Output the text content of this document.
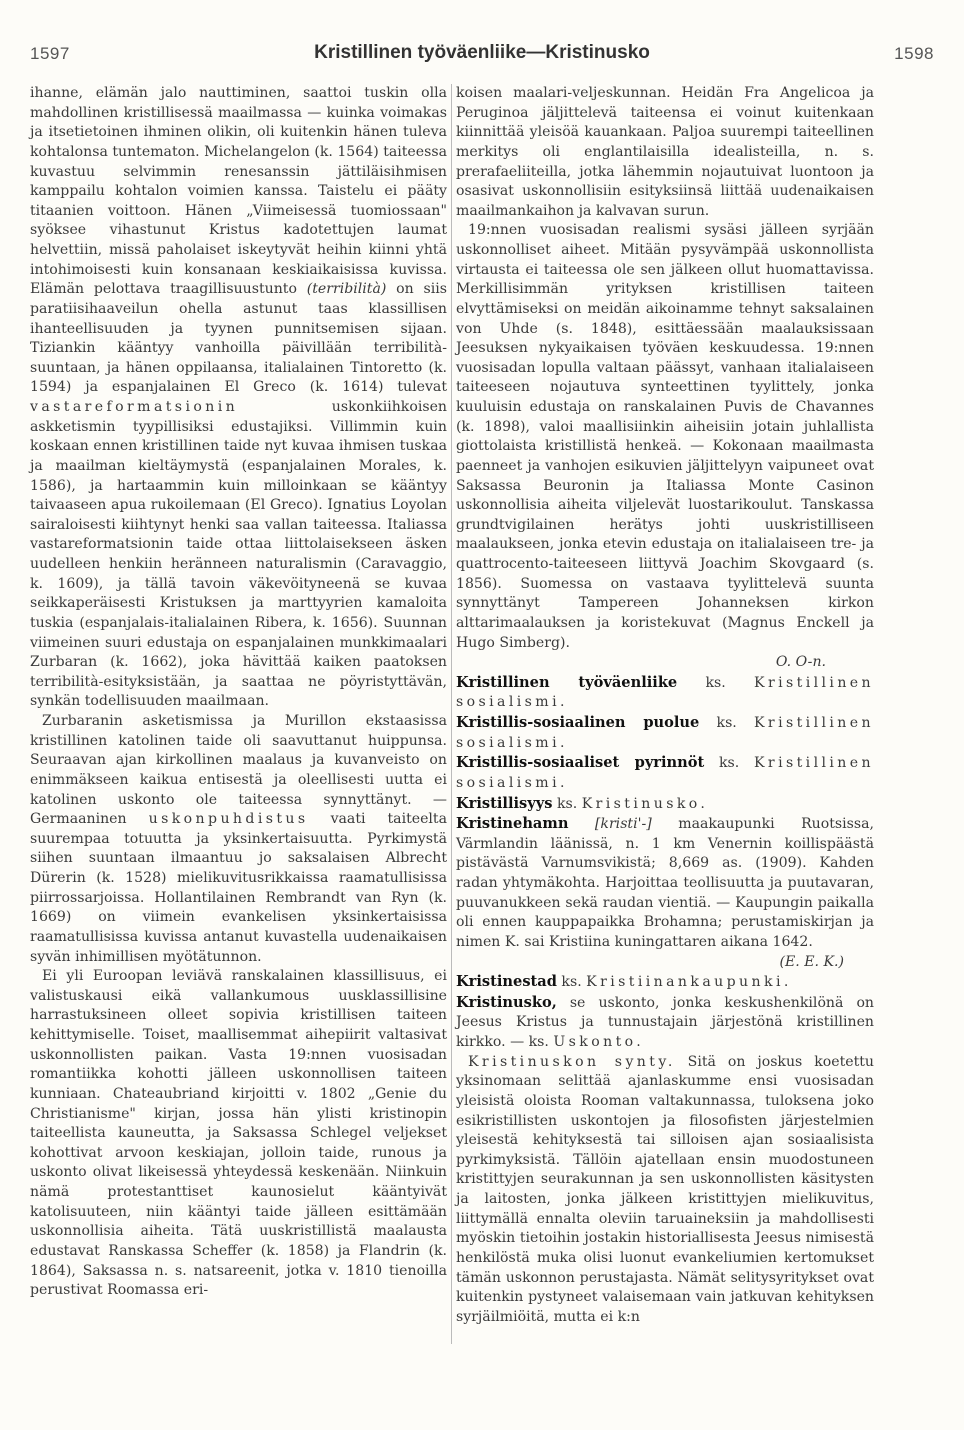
1597	Kristillinen työväenliike—Kristinusko	1598

ihanne, elämän jalo nauttiminen, saattoi tuskin olla mahdollinen kristillisessä maailmassa — kuinka voimakas ja itsetietoinen ihminen olikin, oli kuitenkin hänen tuleva kohtalonsa tuntematon. Michelangelon (k. 1564) taiteessa kuvastuu selvimmin renesanssin jättiläisihmisen kamppailu kohtalon voimien kanssa. Taistelu ei pääty titaanien voittoon. Hänen „Viimeisessä tuomiossaan" syöksee vihastunut Kristus kadotettujen laumat helvettiin, missä paholaiset iskeytyvät heihin kiinni yhtä intohimoisesti kuin konsanaan keskiaikaisissa kuvissa. Elämän pelottava traagillisuustunto (terribilità) on siis paratiisihaaveilun ohella astunut taas klassillisen ihanteellisuuden ja tyynen punnitsemisen sijaan. Tiziankin kääntyy vanhoilla päivillään terribilità-suuntaan, ja hänen oppilaansa, italialainen Tintoretto (k. 1594) ja espanjalainen El Greco (k. 1614) tulevat vastareformatsionin	uskonkiihkoisen askketismin tyypillisiksi edustajiksi. Villimmin kuin koskaan ennen kristillinen taide nyt kuvaa ihmisen tuskaa ja maailman kieltäymystä (espanjalainen Morales, k. 1586), ja hartaammin kuin milloinkaan se kääntyy taivaaseen apua rukoilemaan (El Greco). Ignatius Loyolan sairaloisesti kiihtynyt henki saa vallan taiteessa. Italiassa vastareformatsionin taide ottaa liittolaisekseen äsken uudelleen henkiin heränneen naturalismin (Caravaggio, k. 1609), ja tällä tavoin väkevöityneenä se kuvaa seikkaperäisesti Kristuksen ja marttyyrien kamaloita tuskia (espanjalais-italialainen Ribera, k. 1656). Suunnan viimeinen suuri edustaja on espanjalainen munkkimaalari Zurbaran (k. 1662), joka hävittää kaiken paatoksen terribilità-esityksistään, ja saattaa ne pöyristyttävän, synkän todellisuuden maailmaan.

Zurbaranin asketismissa ja Murillon ekstaasissa kristillinen katolinen taide oli saavuttanut huippunsa. Seuraavan ajan kirkollinen maalaus ja kuvanveisto on enimmäkseen kaikua entisestä ja oleellisesti uutta ei katolinen uskonto ole taiteessa synnyttänyt. — Germaaninen uskonpuhdistus vaati taiteelta suurempaa totuutta ja yksinkertaisuutta. Pyrkimystä siihen suuntaan ilmaantuu jo saksalaisen Albrecht Dürerin (k. 1528) mielikuvitusrikkaissa raamatullisissa piirrossarjoissa. Hollantilainen Rembrandt van Ryn (k. 1669) on viimein evankelisen yksinkertaisissa raamatullisissa kuvissa antanut kuvastella uudenaikaisen syvän inhimillisen myötätunnon.

Ei yli Euroopan leviävä ranskalainen klassillisuus, ei valistuskausi eikä vallankumous uusklassillisine harrastuksineen olleet sopivia kristillisen taiteen kehittymiselle. Toiset, maallisemmat aihepiirit valtasivat uskonnollisten paikan. Vasta 19:nnen vuosisadan romantiikka kohotti jälleen uskonnollisen taiteen kunniaan. Chateaubriand kirjoitti v. 1802 „Genie du Christianisme" kirjan, jossa hän ylisti kristinopin taiteellista kauneutta, ja Saksassa Schlegel veljekset kohottivat arvoon keskiajan, jolloin taide, runous ja uskonto olivat likeisessä yhteydessä keskenään. Niinkuin nämä protestanttiset kaunosielut kääntyivät katolisuuteen, niin kääntyi taide jälleen esittämään uskonnollisia aiheita. Tätä uuskristillistä maalausta edustavat Ranskassa Scheffer (k. 1858) ja Flandrin (k. 1864), Saksassa n. s. natsareenit, jotka v. 1810 tienoilla perustivat Roomassa eri-

koisen maalari-veljeskunnan. Heidän Fra Angelicoa ja Peruginoa jäljittelevä taiteensa ei voinut kuitenkaan kiinnittää yleisöä kauankaan. Paljoa suurempi taiteellinen merkitys oli englantilaisilla idealisteilla, n. s. prerafaeliiteilla, jotka lähemmin nojautuivat luontoon ja osasivat uskonnollisiin esityksiinsä liittää uudenaikaisen maailmankaihon ja kalvavan surun.

19:nnen vuosisadan realismi sysäsi jälleen syrjään uskonnolliset aiheet. Mitään pysyvämpää uskonnollista virtausta ei taiteessa ole sen jälkeen ollut huomattavissa. Merkillisimmän yrityksen kristillisen taiteen elvyttämiseksi on meidän aikoinamme tehnyt saksalainen von Uhde (s. 1848), esittäessään maalauksissaan Jeesuksen nykyaikaisen työväen keskuudessa. 19:nnen vuosisadan lopulla valtaan päässyt, vanhaan italialaiseen taiteeseen nojautuva synteettinen tyylittely, jonka kuuluisin edustaja on ranskalainen Puvis de Chavannes (k. 1898), valoi maallisiinkin aiheisiin jotain juhlallista giottolaista kristillistä henkeä. — Kokonaan maailmasta paenneet ja vanhojen esikuvien jäljittelyyn vaipuneet ovat Saksassa Beuronin ja Italiassa Monte Casinon uskonnollisia aiheita viljelevät luostarikoulut. Tanskassa grundtvigilainen herätys johti uuskristilliseen maalaukseen, jonka etevin edustaja on italialaiseen tre- ja quattrocento-taiteeseen liittyvä Joachim Skovgaard (s. 1856). Suomessa on vastaava tyylittelevä suunta synnyttänyt Tampereen Johanneksen kirkon alttarimaalauksen ja koristekuvat (Magnus Enckell ja Hugo Simberg).

O. O-n.

Kristillinen työväenliike ks. Kristillinen sosialismi.

Kristillis-sosiaalinen puolue ks. Kristillinen sosialismi.

Kristillis-sosiaaliset pyrinnöt ks. Kristillinen sosialismi.

Kristillisyys ks. Kristinusko.

Kristinehamn [kristi'-] maakaupunki Ruotsissa, Värmlandin läänissä, n. 1 km Venernin koillispäästä pistävästä Varnumsvikistä; 8,669 as. (1909). Kahden radan yhtymäkohta. Harjoittaa teollisuutta ja puutavaran, puuvanukkeen sekä raudan vientiä. — Kaupungin paikalla oli ennen kauppapaikka Brohamna; perustamiskirjan ja nimen K. sai Kristiina kuningattaren aikana 1642.

(E. E. K.)

Kristinestad ks. Kristiinankaupunki.

Kristinusko, se uskonto, jonka keskushenkilönä on Jeesus Kristus ja tunnustajain järjestönä kristillinen kirkko. — ks. Uskonto.

Kristinuskon synty. Sitä on joskus koetettu yksinomaan selittää ajanlaskumme ensi vuosisadan yleisistä oloista Rooman valtakunnassa, tuloksena joko esikristillisten uskontojen ja filosofisten järjestelmien yleisestä kehityksestä tai silloisen ajan sosiaalisista pyrkimyksistä. Tällöin ajatellaan ensin muodostuneen kristittyjen seurakunnan ja sen uskonnollisten käsitysten ja laitosten, jonka jälkeen kristittyjen mielikuvitus, liittymällä ennalta oleviin taruaineksiin ja mahdollisesti myöskin tietoihin jostakin historiallisesta Jeesus nimisestä henkilöstä muka olisi luonut evankeliumien kertomukset tämän uskonnon perustajasta. Nämät selitysyritykset ovat kuitenkin pystyneet valaisemaan vain jatkuvan kehityksen syrjäilmiöitä, mutta ei k:n
